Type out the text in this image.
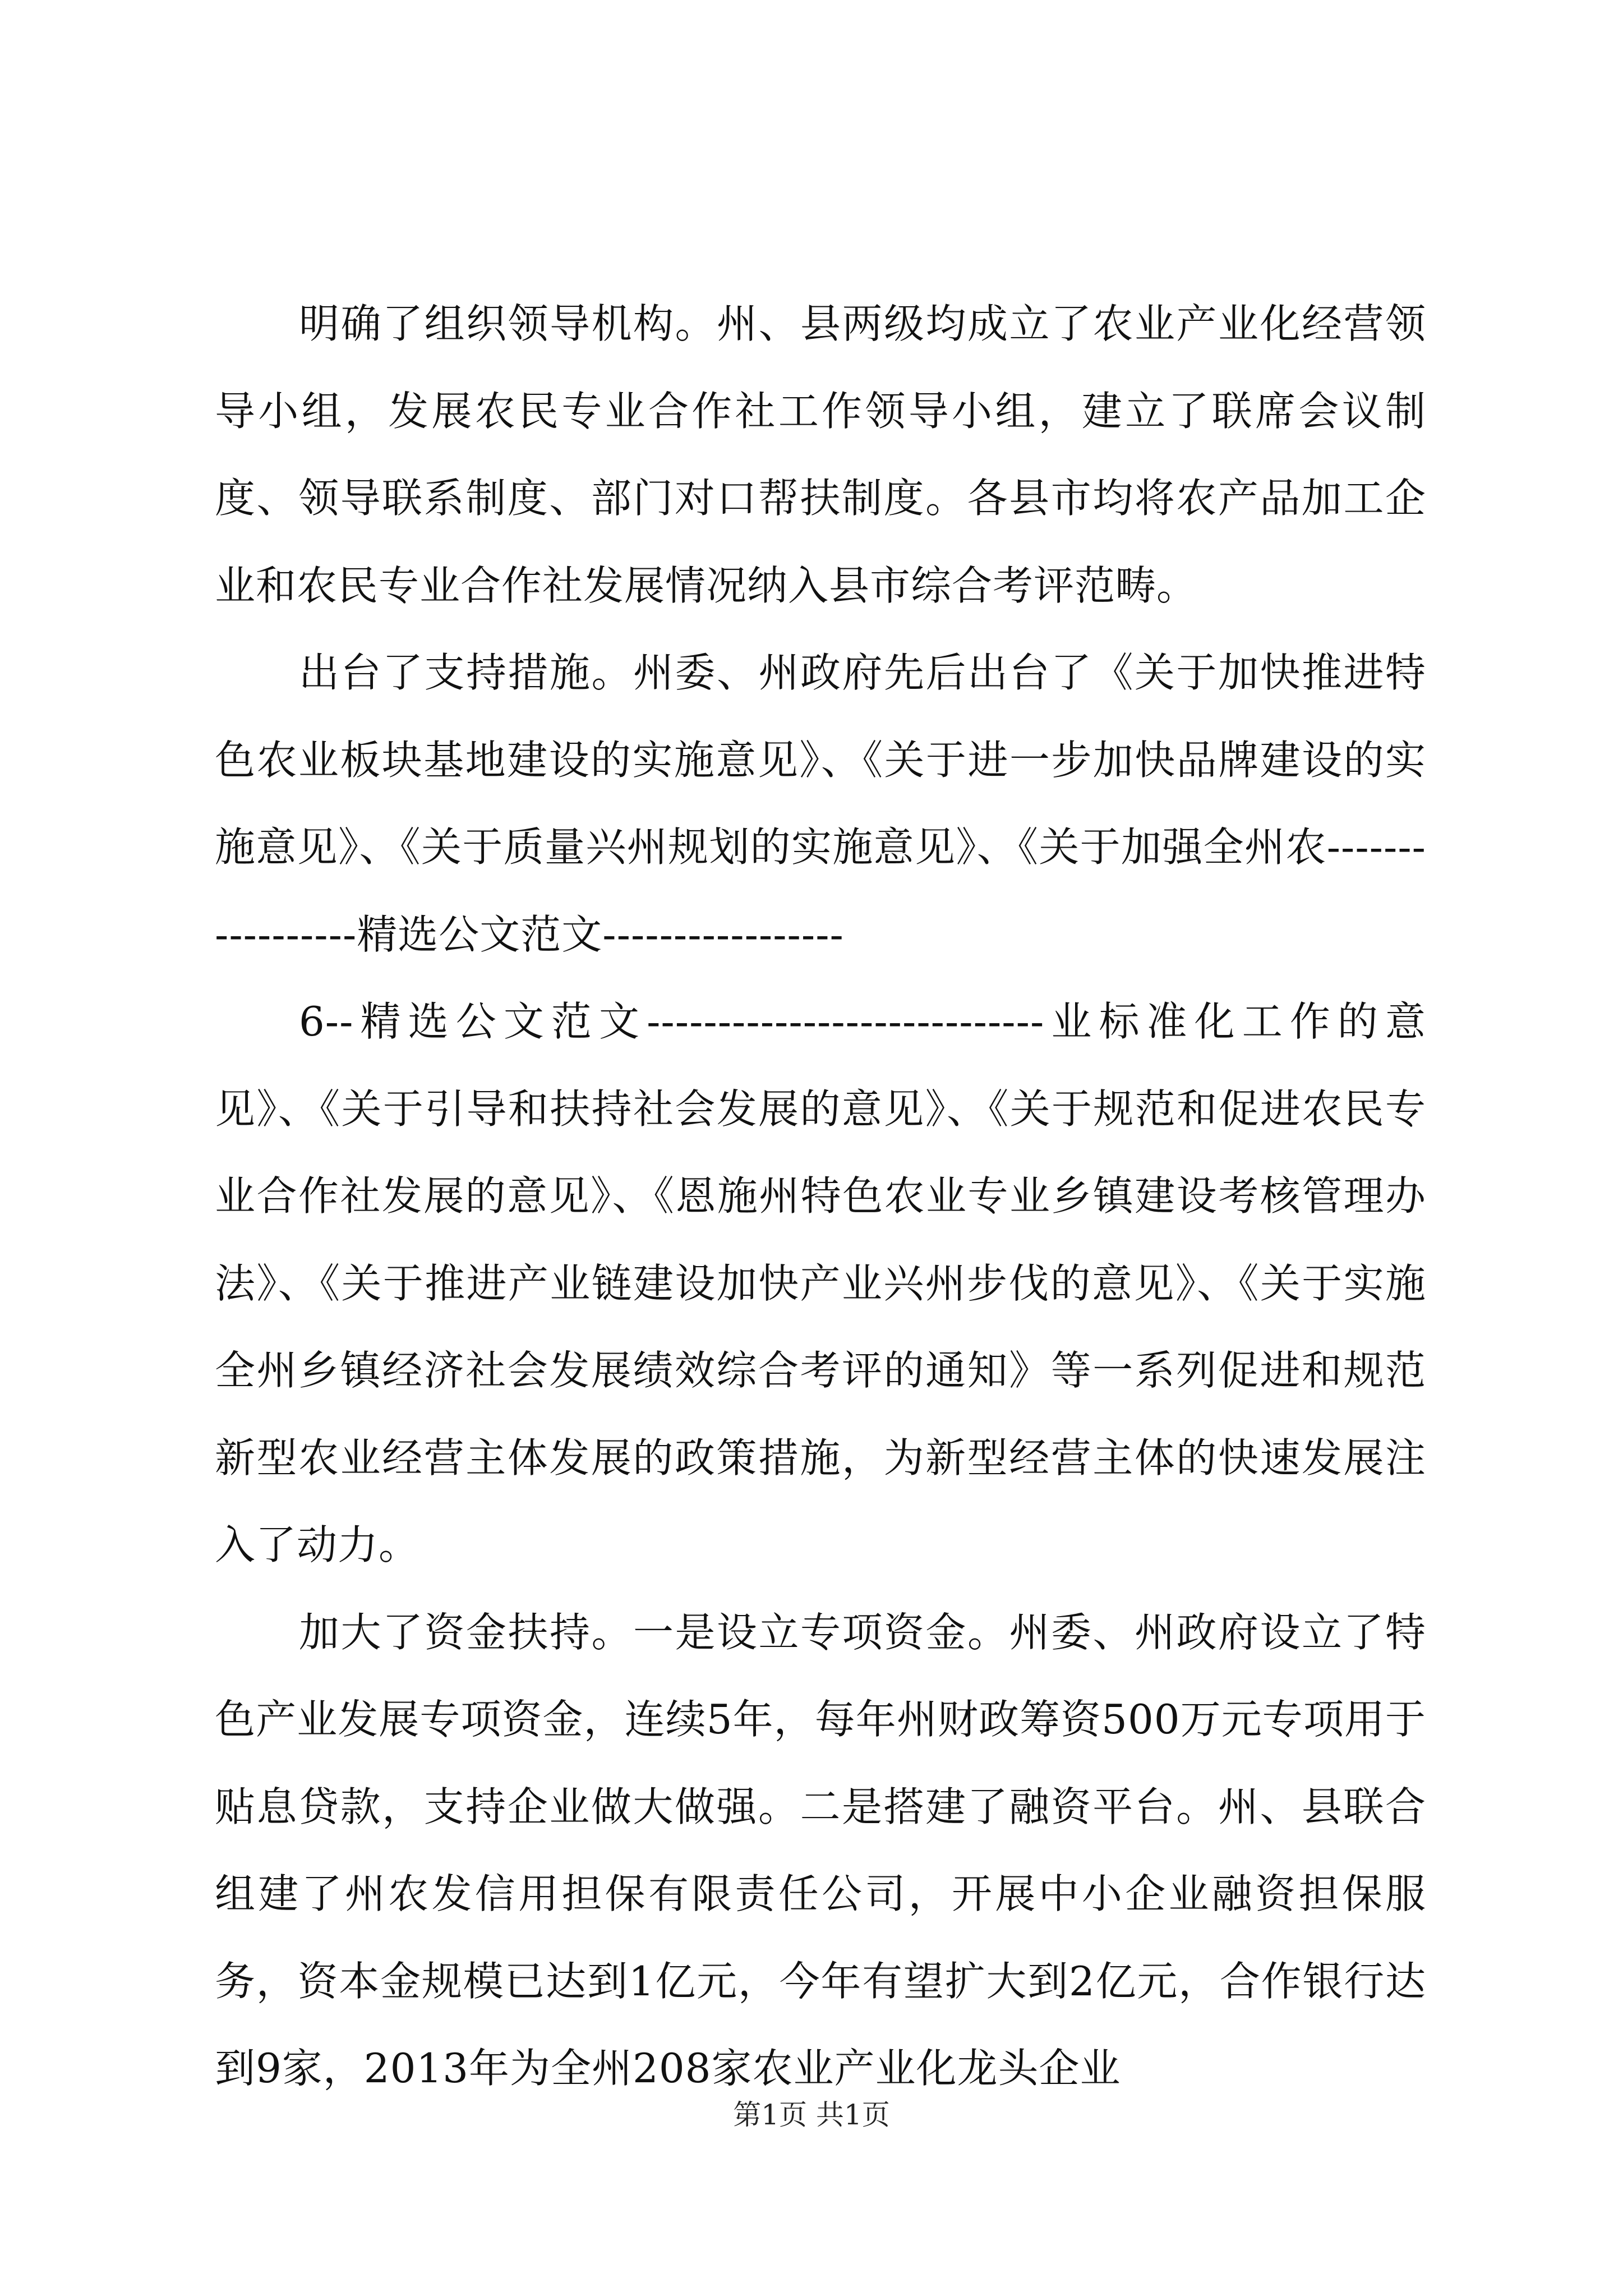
明确了组织领导机构。州、县两级均成立了农业产业化经营领导小组，发展农民专业合作社工作领导小组，建立了联席会议制度、领导联系制度、部门对口帮扶制度。各县市均将农产品加工企业和农民专业合作社发展情况纳入县市综合考评范畴。

出台了支持措施。州委、州政府先后出台了《关于加快推进特色农业板块基地建设的实施意见》、《关于进一步加快品牌建设的实施意见》、《关于质量兴州规划的实施意见》、《关于加强全州农-----------------精选公文范文-----------------

6--精选公文范文----------------------------业标准化工作的意见》、《关于引导和扶持社会发展的意见》、《关于规范和促进农民专业合作社发展的意见》、《恩施州特色农业专业乡镇建设考核管理办法》、《关于推进产业链建设加快产业兴州步伐的意见》、《关于实施全州乡镇经济社会发展绩效综合考评的通知》等一系列促进和规范新型农业经营主体发展的政策措施，为新型经营主体的快速发展注入了动力。

加大了资金扶持。一是设立专项资金。州委、州政府设立了特色产业发展专项资金，连续5年，每年州财政筹资500万元专项用于贴息贷款，支持企业做大做强。二是搭建了融资平台。州、县联合组建了州农发信用担保有限责任公司，开展中小企业融资担保服务，资本金规模已达到1亿元，今年有望扩大到2亿元，合作银行达到9家，2013年为全州208家农业产业化龙头企业

第1页 共1页
